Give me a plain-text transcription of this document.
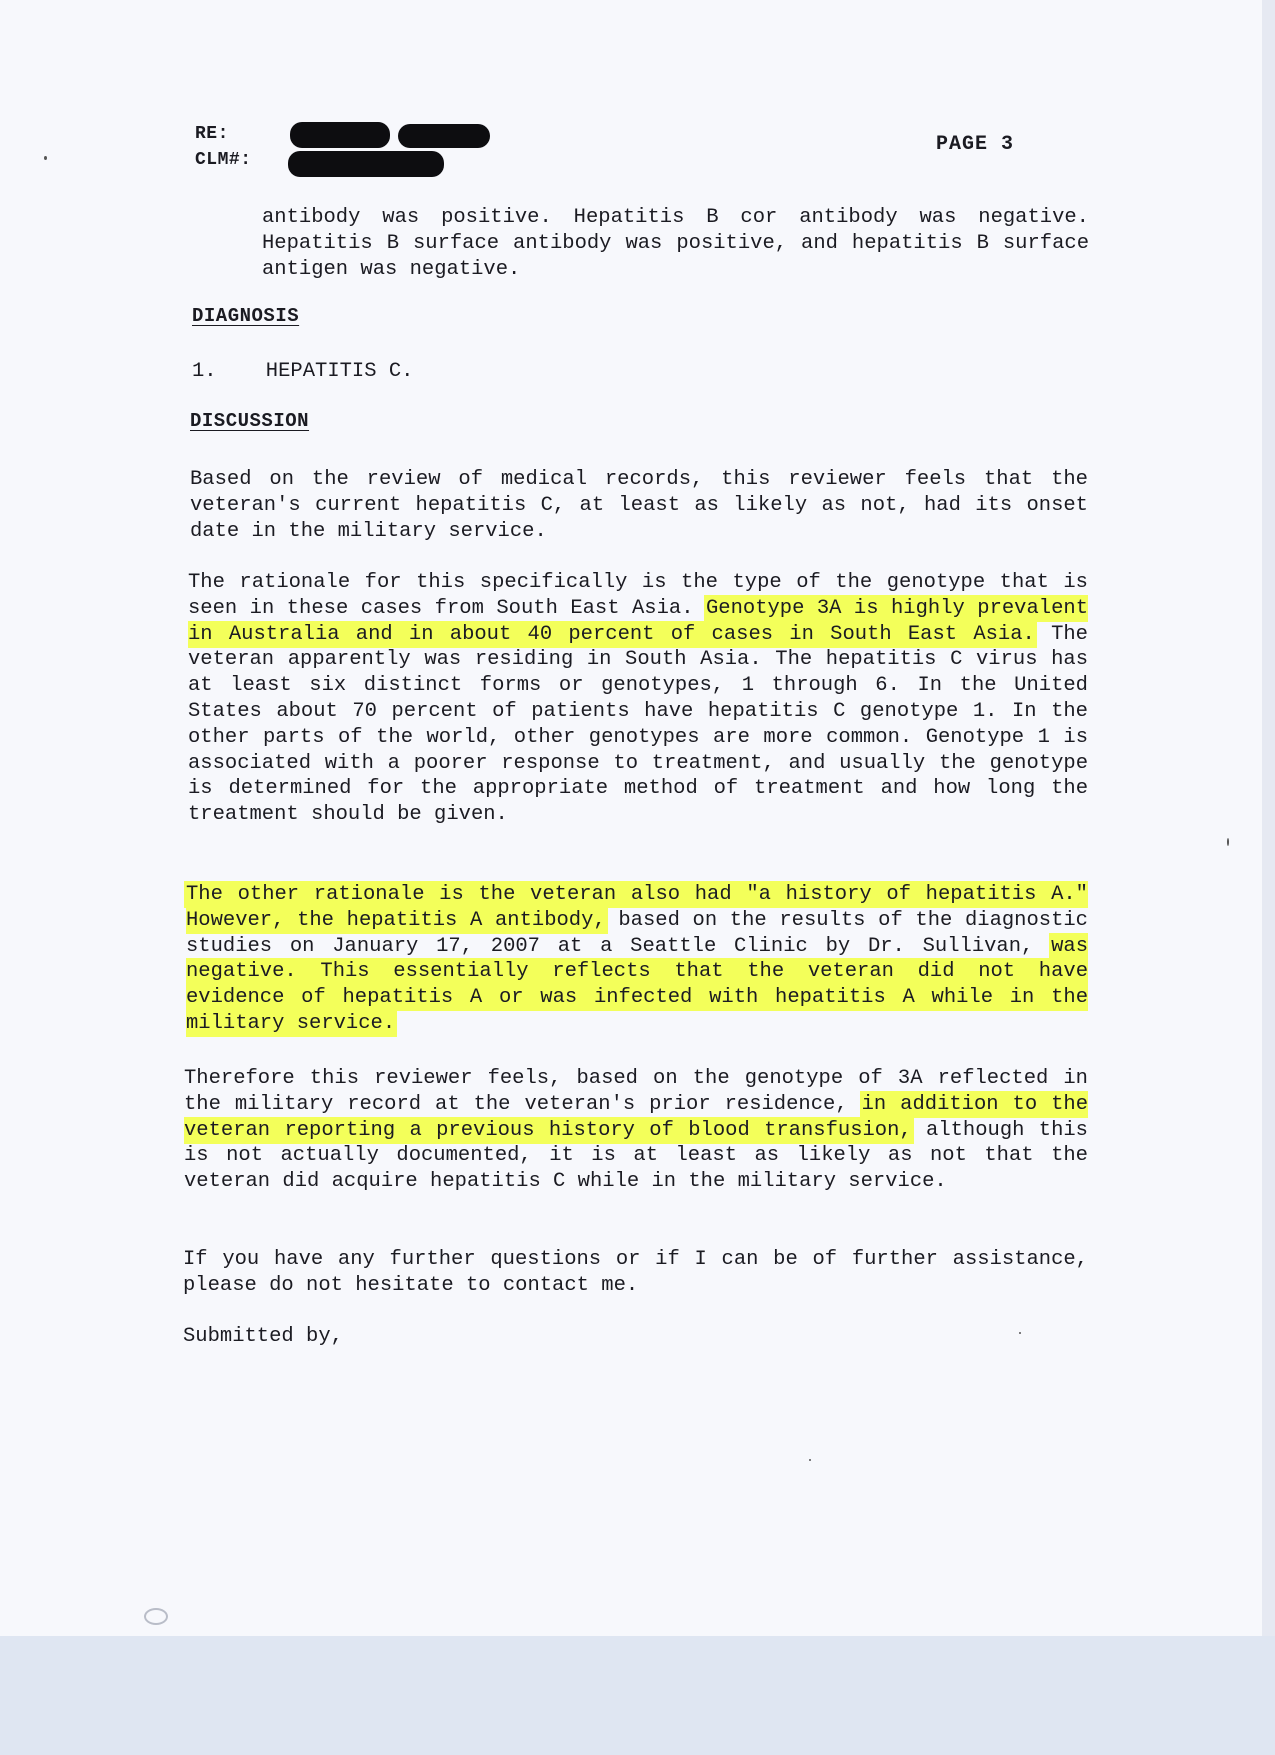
RE:
CLM#:
PAGE 3

antibody was positive. Hepatitis B cor antibody was negative. Hepatitis B surface antibody was positive, and hepatitis B surface antigen was negative.

DIAGNOSIS

1.    HEPATITIS C.

DISCUSSION

Based on the review of medical records, this reviewer feels that the veteran's current hepatitis C, at least as likely as not, had its onset date in the military service.

The rationale for this specifically is the type of the genotype that is seen in these cases from South East Asia. Genotype 3A is highly prevalent in Australia and in about 40 percent of cases in South East Asia. The veteran apparently was residing in South Asia. The hepatitis C virus has at least six distinct forms or genotypes, 1 through 6. In the United States about 70 percent of patients have hepatitis C genotype 1. In the other parts of the world, other genotypes are more common. Genotype 1 is associated with a poorer response to treatment, and usually the genotype is determined for the appropriate method of treatment and how long the treatment should be given.

The other rationale is the veteran also had "a history of hepatitis A." However, the hepatitis A antibody, based on the results of the diagnostic studies on January 17, 2007 at a Seattle Clinic by Dr. Sullivan, was negative. This essentially reflects that the veteran did not have evidence of hepatitis A or was infected with hepatitis A while in the military service.

Therefore this reviewer feels, based on the genotype of 3A reflected in the military record at the veteran's prior residence, in addition to the veteran reporting a previous history of blood transfusion, although this is not actually documented, it is at least as likely as not that the veteran did acquire hepatitis C while in the military service.

If you have any further questions or if I can be of further assistance, please do not hesitate to contact me.

Submitted by,
